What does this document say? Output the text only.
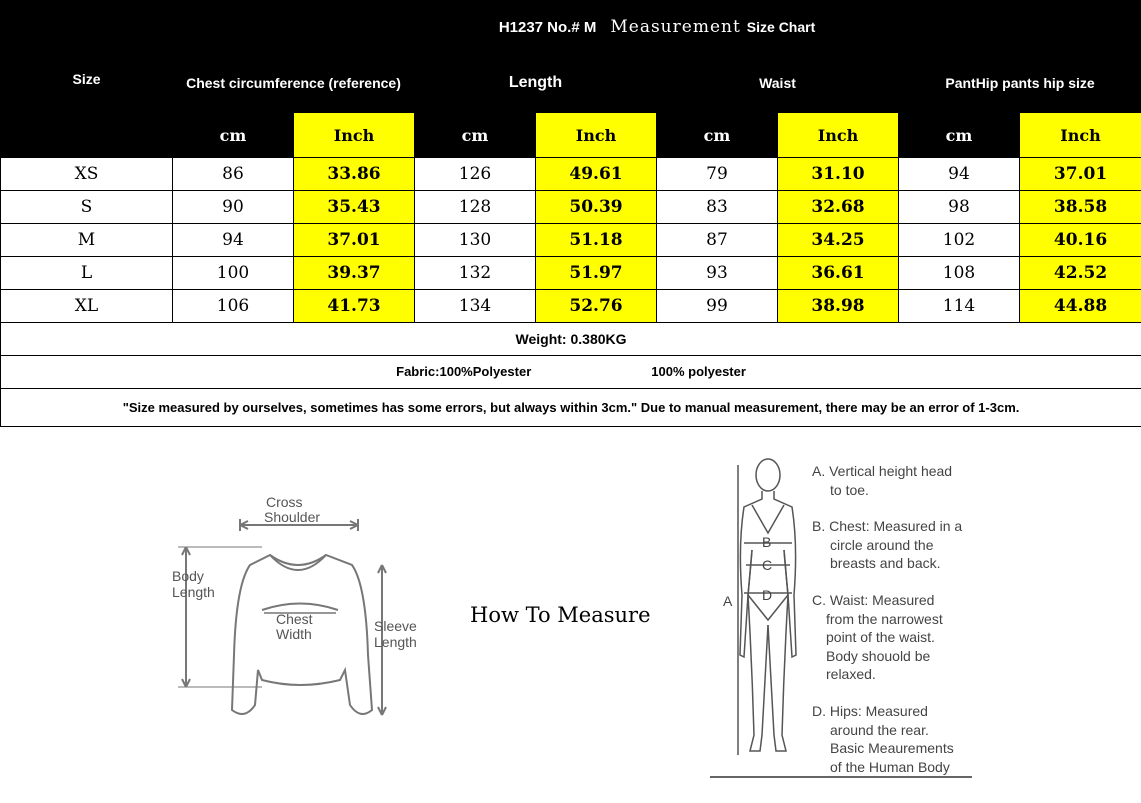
Size	H1237 No.# M Measurement Size Chart							
	Chest circumference (reference)		Length		Waist		PantHip pants hip size	
	cm	Inch	cm	Inch	cm	Inch	cm	Inch
XS	86	33.86	126	49.61	79	31.10	94	37.01
S	90	35.43	128	50.39	83	32.68	98	38.58
M	94	37.01	130	51.18	87	34.25	102	40.16
L	100	39.37	132	51.97	93	36.61	108	42.52
XL	106	41.73	134	52.76	99	38.98	114	44.88
Weight: 0.380KG								
Fabric:100%Polyester 100% polyester								
"Size measured by ourselves, sometimes has some errors, but always within 3cm." Due to manual measurement, there may be an error of 1-3cm.								
Cross
Shoulder
Body
Length
Chest
Width	Sleeve
Length
B
C
A D
A. Vertical height head
to toe.
B. Chest: Measured in a
circle around the
breasts and back.
C. Waist: Measured
from the narrowest
point of the waist.
Body shouold be
relaxed.
D. Hips: Measured
around the rear.
Basic Meaurements
of the Human Body
How To Measure
